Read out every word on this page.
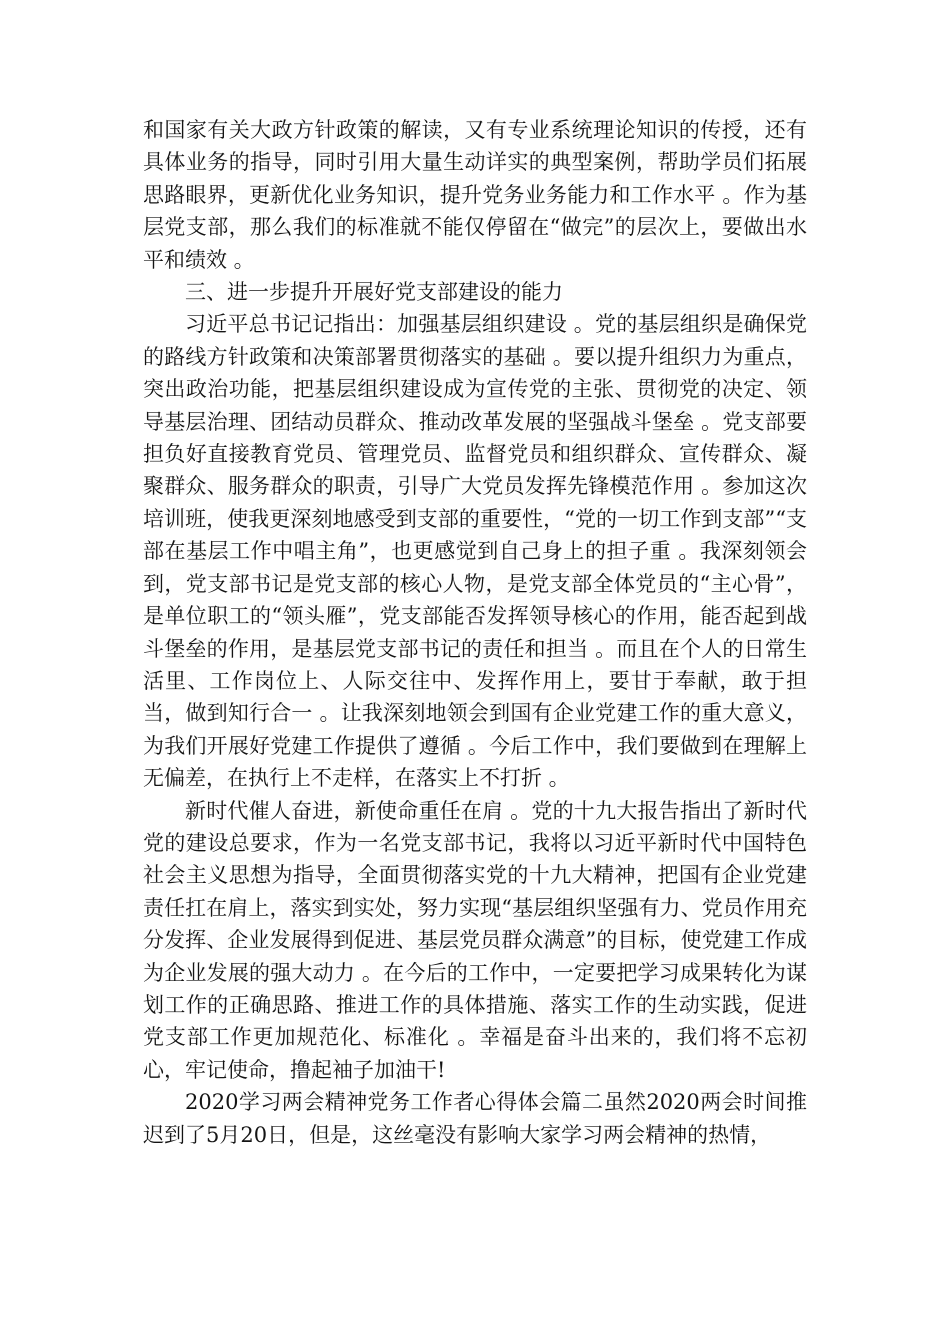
和国家有关大政方针政策的解读，又有专业系统理论知识的传授，还有具体业务的指导，同时引用大量生动详实的典型案例，帮助学员们拓展思路眼界，更新优化业务知识，提升党务业务能力和工作水平 。作为基层党支部，那么我们的标准就不能仅停留在“做完”的层次上，要做出水平和绩效 。

三、进一步提升开展好党支部建设的能力

习近平总书记记指出：加强基层组织建设 。党的基层组织是确保党的路线方针政策和决策部署贯彻落实的基础 。要以提升组织力为重点，突出政治功能，把基层组织建设成为宣传党的主张、贯彻党的决定、领导基层治理、团结动员群众、推动改革发展的坚强战斗堡垒 。党支部要担负好直接教育党员、管理党员、监督党员和组织群众、宣传群众、凝聚群众、服务群众的职责，引导广大党员发挥先锋模范作用 。参加这次培训班，使我更深刻地感受到支部的重要性，“党的一切工作到支部”“支部在基层工作中唱主角”，也更感觉到自己身上的担子重 。我深刻领会到，党支部书记是党支部的核心人物，是党支部全体党员的“主心骨”，是单位职工的“领头雁”，党支部能否发挥领导核心的作用，能否起到战斗堡垒的作用，是基层党支部书记的责任和担当 。而且在个人的日常生活里、工作岗位上、人际交往中、发挥作用上，要甘于奉献，敢于担当，做到知行合一 。让我深刻地领会到国有企业党建工作的重大意义，为我们开展好党建工作提供了遵循 。今后工作中，我们要做到在理解上无偏差，在执行上不走样，在落实上不打折 。

新时代催人奋进，新使命重任在肩 。党的十九大报告指出了新时代党的建设总要求，作为一名党支部书记，我将以习近平新时代中国特色社会主义思想为指导，全面贯彻落实党的十九大精神，把国有企业党建责任扛在肩上，落实到实处，努力实现“基层组织坚强有力、党员作用充分发挥、企业发展得到促进、基层党员群众满意”的目标，使党建工作成为企业发展的强大动力 。在今后的工作中，一定要把学习成果转化为谋划工作的正确思路、推进工作的具体措施、落实工作的生动实践，促进党支部工作更加规范化、标准化 。幸福是奋斗出来的，我们将不忘初心，牢记使命，撸起袖子加油干!

2020学习两会精神党务工作者心得体会篇二虽然2020两会时间推迟到了5月20日，但是，这丝毫没有影响大家学习两会精神的热情，
